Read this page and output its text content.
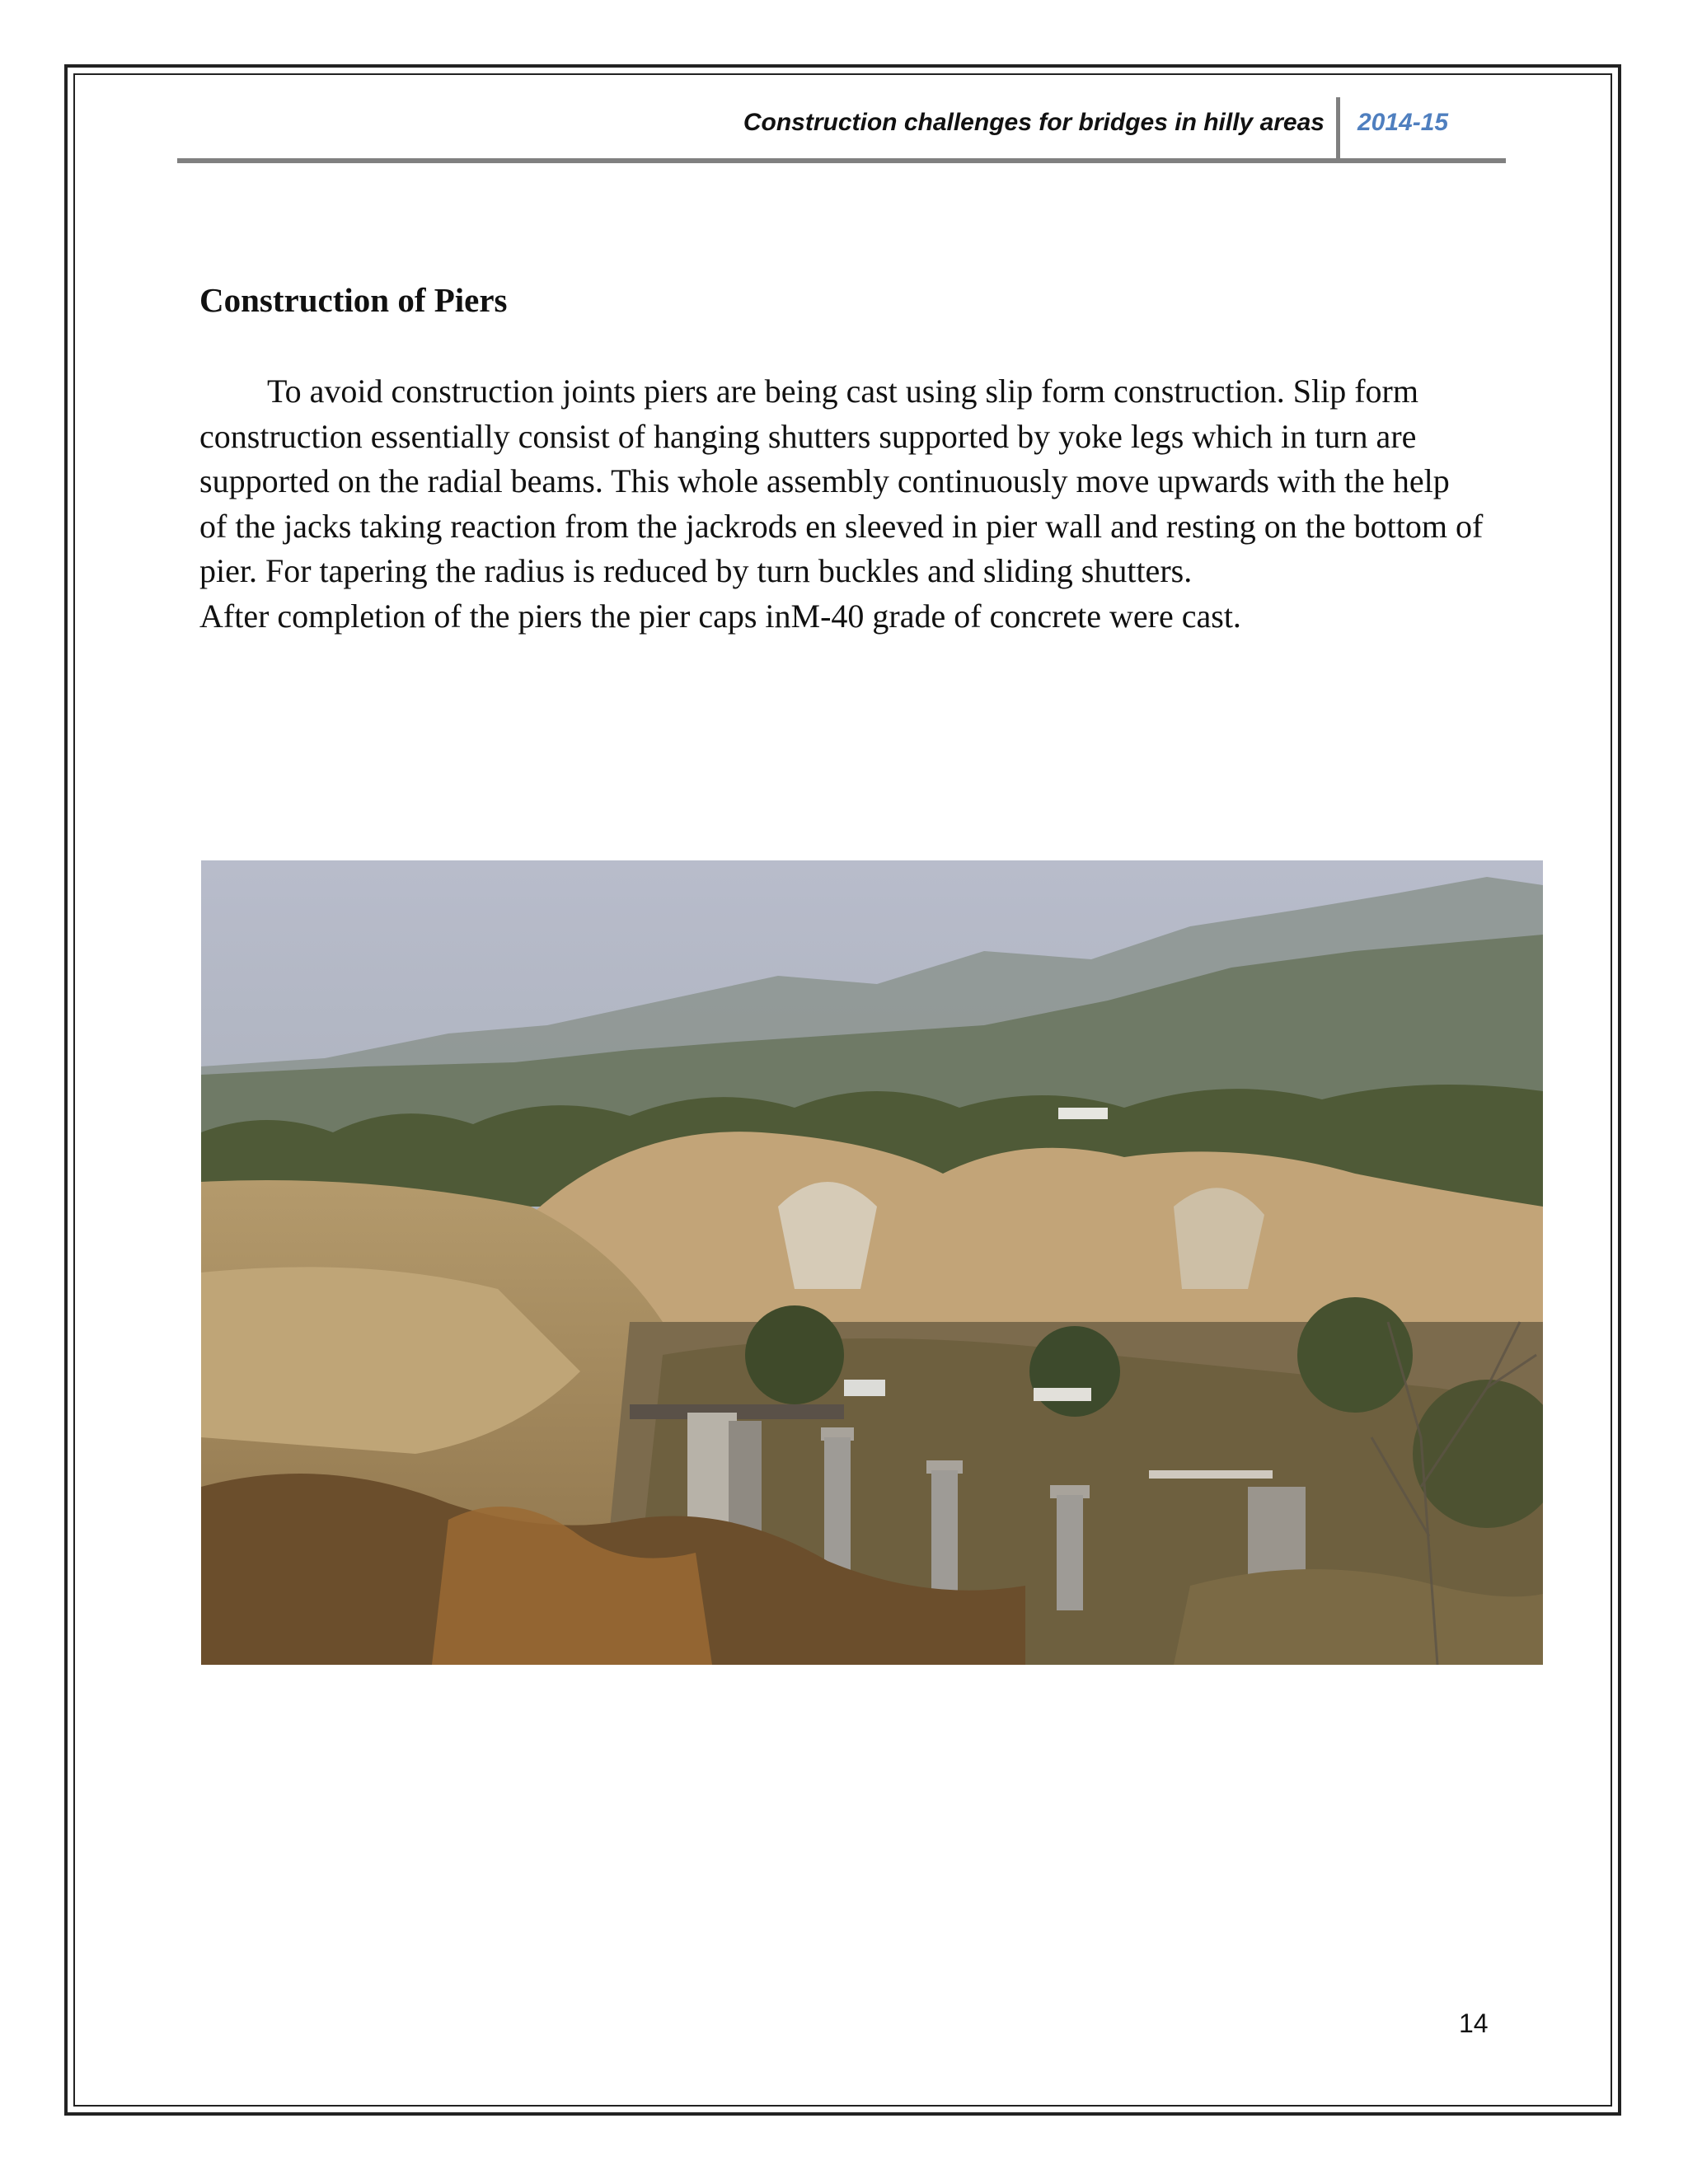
Construction challenges for bridges in hilly areas 2014-15
Construction of Piers

To avoid construction joints piers are being cast using slip form construction. Slip form construction essentially consist of hanging shutters supported by yoke legs which in turn are supported on the radial beams. This whole assembly continuously move upwards with the help of the jacks taking reaction from the jackrods en sleeved in pier wall and resting on the bottom of pier. For tapering the radius is reduced by turn buckles and sliding shutters.

After completion of the piers the pier caps inM-40 grade of concrete were cast.

14
